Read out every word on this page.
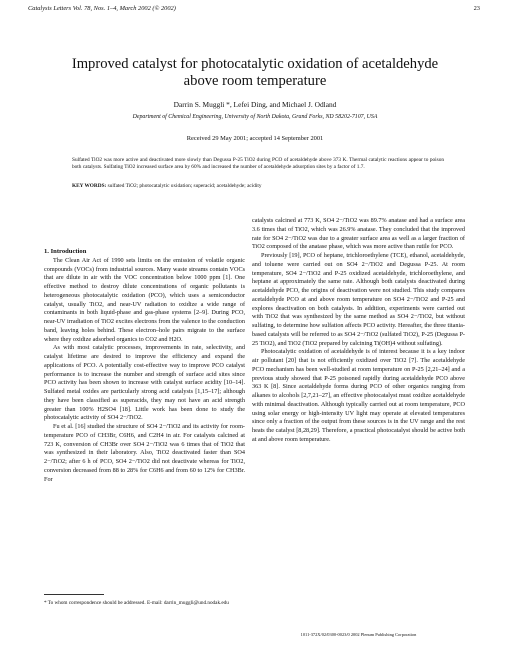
Catalysis Letters Vol. 78, Nos. 1–4, March 2002 (© 2002)	23
Improved catalyst for photocatalytic oxidation of acetaldehyde
above room temperature
Darrin S. Muggli *, Lefei Ding, and Michael J. Odland
Department of Chemical Engineering, University of North Dakota, Grand Forks, ND 58202-7107, USA
Received 29 May 2001; accepted 14 September 2001
Sulfated TiO2 was more active and deactivated more slowly than Degussa P-25 TiO2 during PCO of acetaldehyde above 373 K. Thermal catalytic reactions appear to poison both catalysts. Sulfating TiO2 increased surface area by 60% and increased the number of acetaldehyde adsorption sites by a factor of 1.7.
KEY WORDS: sulfated TiO2; photocatalytic oxidation; superacid; acetaldehyde; acidity

1. Introduction

The Clean Air Act of 1990 sets limits on the emission of volatile organic compounds (VOCs) from industrial sources. Many waste streams contain VOCs that are dilute in air with the VOC concentration below 1000 ppm [1]. One effective method to destroy dilute concentrations of organic pollutants is heterogeneous photocatalytic oxidation (PCO), which uses a semiconductor catalyst, usually TiO2, and near-UV radiation to oxidize a wide range of contaminants in both liquid-phase and gas-phase systems [2–9]. During PCO, near-UV irradiation of TiO2 excites electrons from the valence to the conduction band, leaving holes behind. These electron–hole pairs migrate to the surface where they oxidize adsorbed organics to CO2 and H2O.

As with most catalytic processes, improvements in rate, selectivity, and catalyst lifetime are desired to improve the efficiency and expand the applications of PCO. A potentially cost-effective way to improve PCO catalyst performance is to increase the number and strength of surface acid sites since PCO activity has been shown to increase with catalyst surface acidity [10–14]. Sulfated metal oxides are particularly strong acid catalysts [1,15–17]; although they have been classified as superacids, they may not have an acid strength greater than 100% H2SO4 [18]. Little work has been done to study the photocatalytic activity of SO4 2−/TiO2.

Fu et al. [16] studied the structure of SO4 2−/TiO2 and its activity for room-temperature PCO of CH3Br, C6H6, and C2H4 in air. For catalysts calcined at 723 K, conversion of CH3Br over SO4 2−/TiO2 was 6 times that of TiO2 that was synthesized in their laboratory. Also, TiO2 deactivated faster than SO4 2−/TiO2; after 6 h of PCO, SO4 2−/TiO2 did not deactivate whereas for TiO2, conversion decreased from 88 to 28% for C6H6 and from 60 to 12% for CH3Br. For

catalysts calcined at 773 K, SO4 2−/TiO2 was 89.7% anatase and had a surface area 3.6 times that of TiO2, which was 26.9% anatase. They concluded that the improved rate for SO4 2−/TiO2 was due to a greater surface area as well as a larger fraction of TiO2 composed of the anatase phase, which was more active than rutile for PCO.

Previously [19], PCO of heptane, trichloroethylene (TCE), ethanol, acetaldehyde, and toluene were carried out on SO4 2−/TiO2 and Degussa P-25. At room temperature, SO4 2−/TiO2 and P-25 oxidized acetaldehyde, trichloroethylene, and heptane at approximately the same rate. Although both catalysts deactivated during acetaldehyde PCO, the origins of deactivation were not studied. This study compares acetaldehyde PCO at and above room temperature on SO4 2−/TiO2 and P-25 and explores deactivation on both catalysts. In addition, experiments were carried out with TiO2 that was synthesized by the same method as SO4 2−/TiO2, but without sulfating, to determine how sulfation affects PCO activity. Hereafter, the three titania-based catalysts will be referred to as SO4 2−/TiO2 (sulfated TiO2), P-25 (Degussa P-25 TiO2), and TiO2 (TiO2 prepared by calcining Ti(OH)4 without sulfating).

Photocatalytic oxidation of acetaldehyde is of interest because it is a key indoor air pollutant [20] that is not efficiently oxidized over TiO2 [7]. The acetaldehyde PCO mechanism has been well-studied at room temperature on P-25 [2,21–24] and a previous study showed that P-25 poisoned rapidly during acetaldehyde PCO above 363 K [8]. Since acetaldehyde forms during PCO of other organics ranging from alkanes to alcohols [2,7,21–27], an effective photocatalyst must oxidize acetaldehyde with minimal deactivation. Although typically carried out at room temperature, PCO using solar energy or high-intensity UV light may operate at elevated temperatures since only a fraction of the output from these sources is in the UV range and the rest heats the catalyst [8,28,29]. Therefore, a practical photocatalyst should be active both at and above room temperature.

* To whom correspondence should be addressed. E-mail: darrin_muggli@und.nodak.edu
1011-372X/02/0300-0023/0 2002 Plenum Publishing Corporation
